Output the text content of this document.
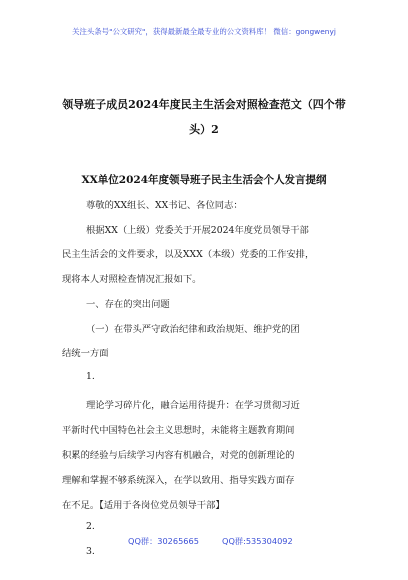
关注头条号"公文研究"，获得最新最全最专业的公文资料库！ 微信：gongwenyj
领导班子成员2024年度民主生活会对照检查范文（四个带
头）2
XX单位2024年度领导班子民主生活会个人发言提纲
尊敬的XX组长、XX书记、各位同志：
根据XX（上级）党委关于开展2024年度党员领导干部
民主生活会的文件要求，以及XXX（本级）党委的工作安排，
现将本人对照检查情况汇报如下。
一、存在的突出问题
（一）在带头严守政治纪律和政治规矩、维护党的团
结统一方面
1.
理论学习碎片化，融合运用待提升：在学习贯彻习近
平新时代中国特色社会主义思想时，未能将主题教育期间
积累的经验与后续学习内容有机融合，对党的创新理论的
理解和掌握不够系统深入，在学以致用、指导实践方面存
在不足。【适用于各岗位党员领导干部】
2.
3.
QQ群：30265665	QQ群:535304092
